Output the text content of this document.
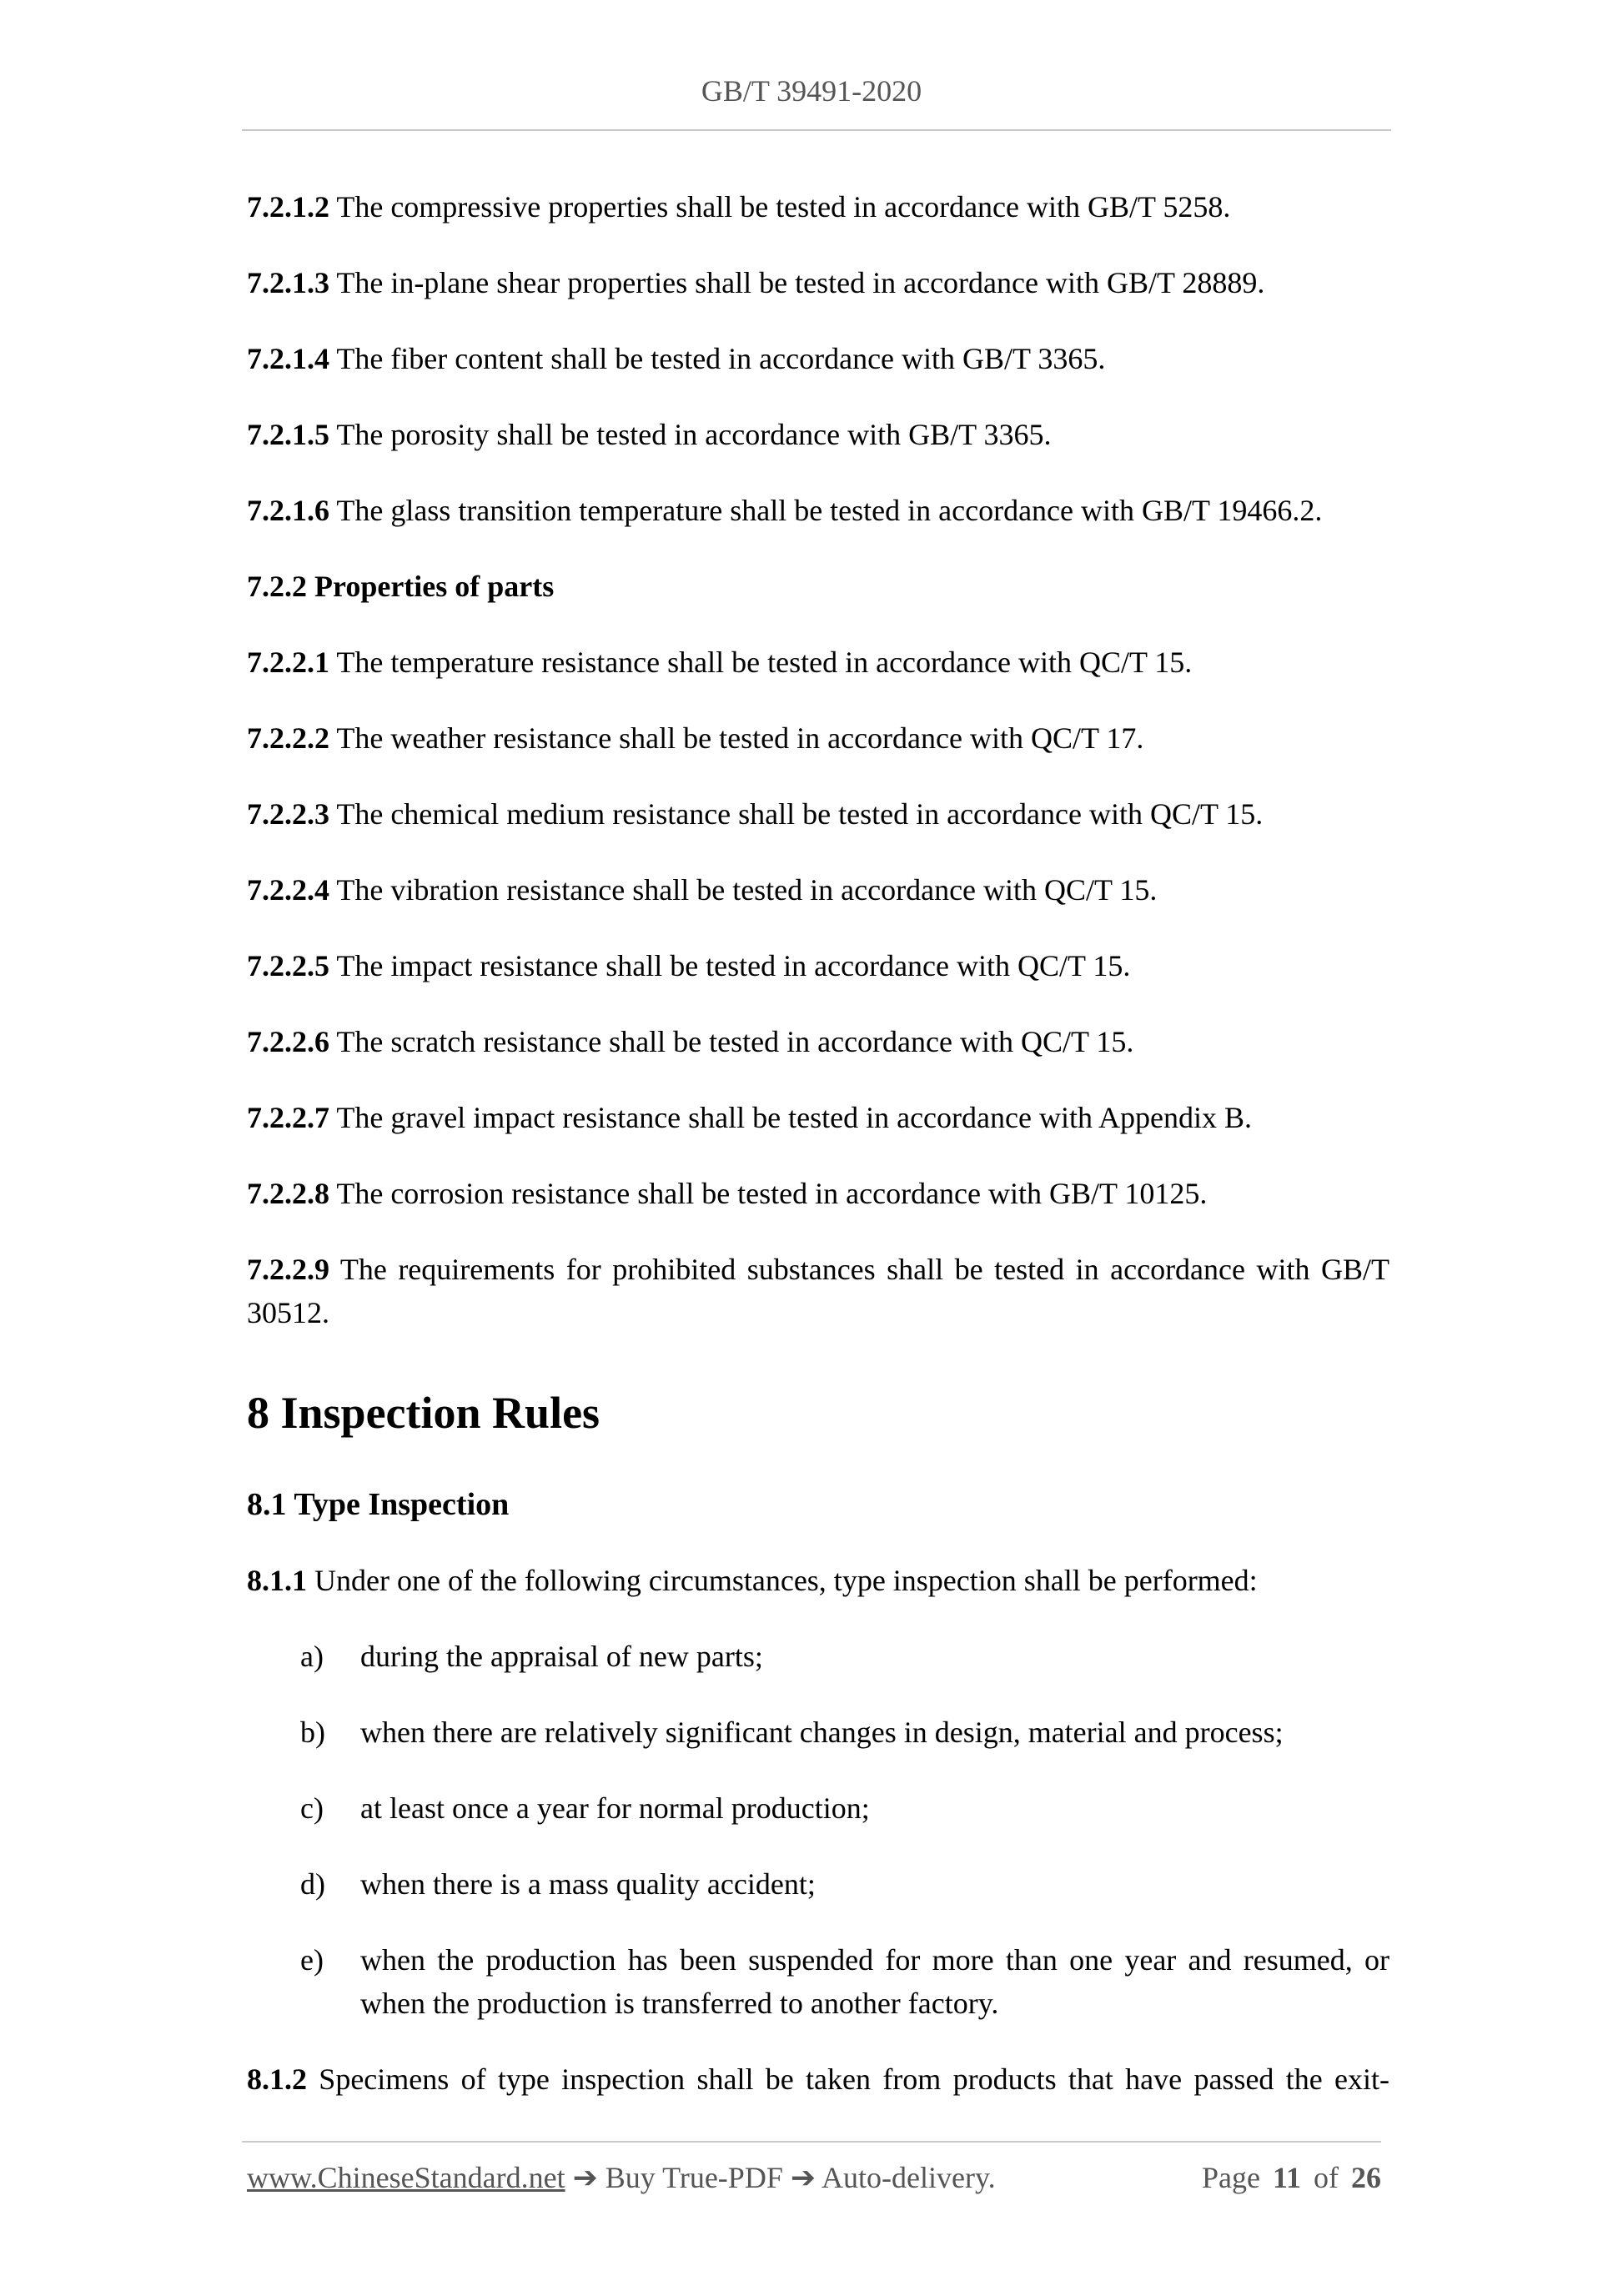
GB/T 39491-2020

7.2.1.2 The compressive properties shall be tested in accordance with GB/T 5258.

7.2.1.3 The in-plane shear properties shall be tested in accordance with GB/T 28889.

7.2.1.4 The fiber content shall be tested in accordance with GB/T 3365.

7.2.1.5 The porosity shall be tested in accordance with GB/T 3365.

7.2.1.6 The glass transition temperature shall be tested in accordance with GB/T 19466.2.

7.2.2 Properties of parts

7.2.2.1 The temperature resistance shall be tested in accordance with QC/T 15.

7.2.2.2 The weather resistance shall be tested in accordance with QC/T 17.

7.2.2.3 The chemical medium resistance shall be tested in accordance with QC/T 15.

7.2.2.4 The vibration resistance shall be tested in accordance with QC/T 15.

7.2.2.5 The impact resistance shall be tested in accordance with QC/T 15.

7.2.2.6 The scratch resistance shall be tested in accordance with QC/T 15.

7.2.2.7 The gravel impact resistance shall be tested in accordance with Appendix B.

7.2.2.8 The corrosion resistance shall be tested in accordance with GB/T 10125.

7.2.2.9 The requirements for prohibited substances shall be tested in accordance with GB/T 30512.

8 Inspection Rules
8.1 Type Inspection

8.1.1 Under one of the following circumstances, type inspection shall be performed:

a)	during the appraisal of new parts;
b)	when there are relatively significant changes in design, material and process;
c)	at least once a year for normal production;
d)	when there is a mass quality accident;
e)	when the production has been suspended for more than one year and resumed, or when the production is transferred to another factory.

8.1.2 Specimens of type inspection shall be taken from products that have passed the exit-

www.ChineseStandard.net ➔ Buy True-PDF ➔ Auto-delivery.	Page 11 of 26
